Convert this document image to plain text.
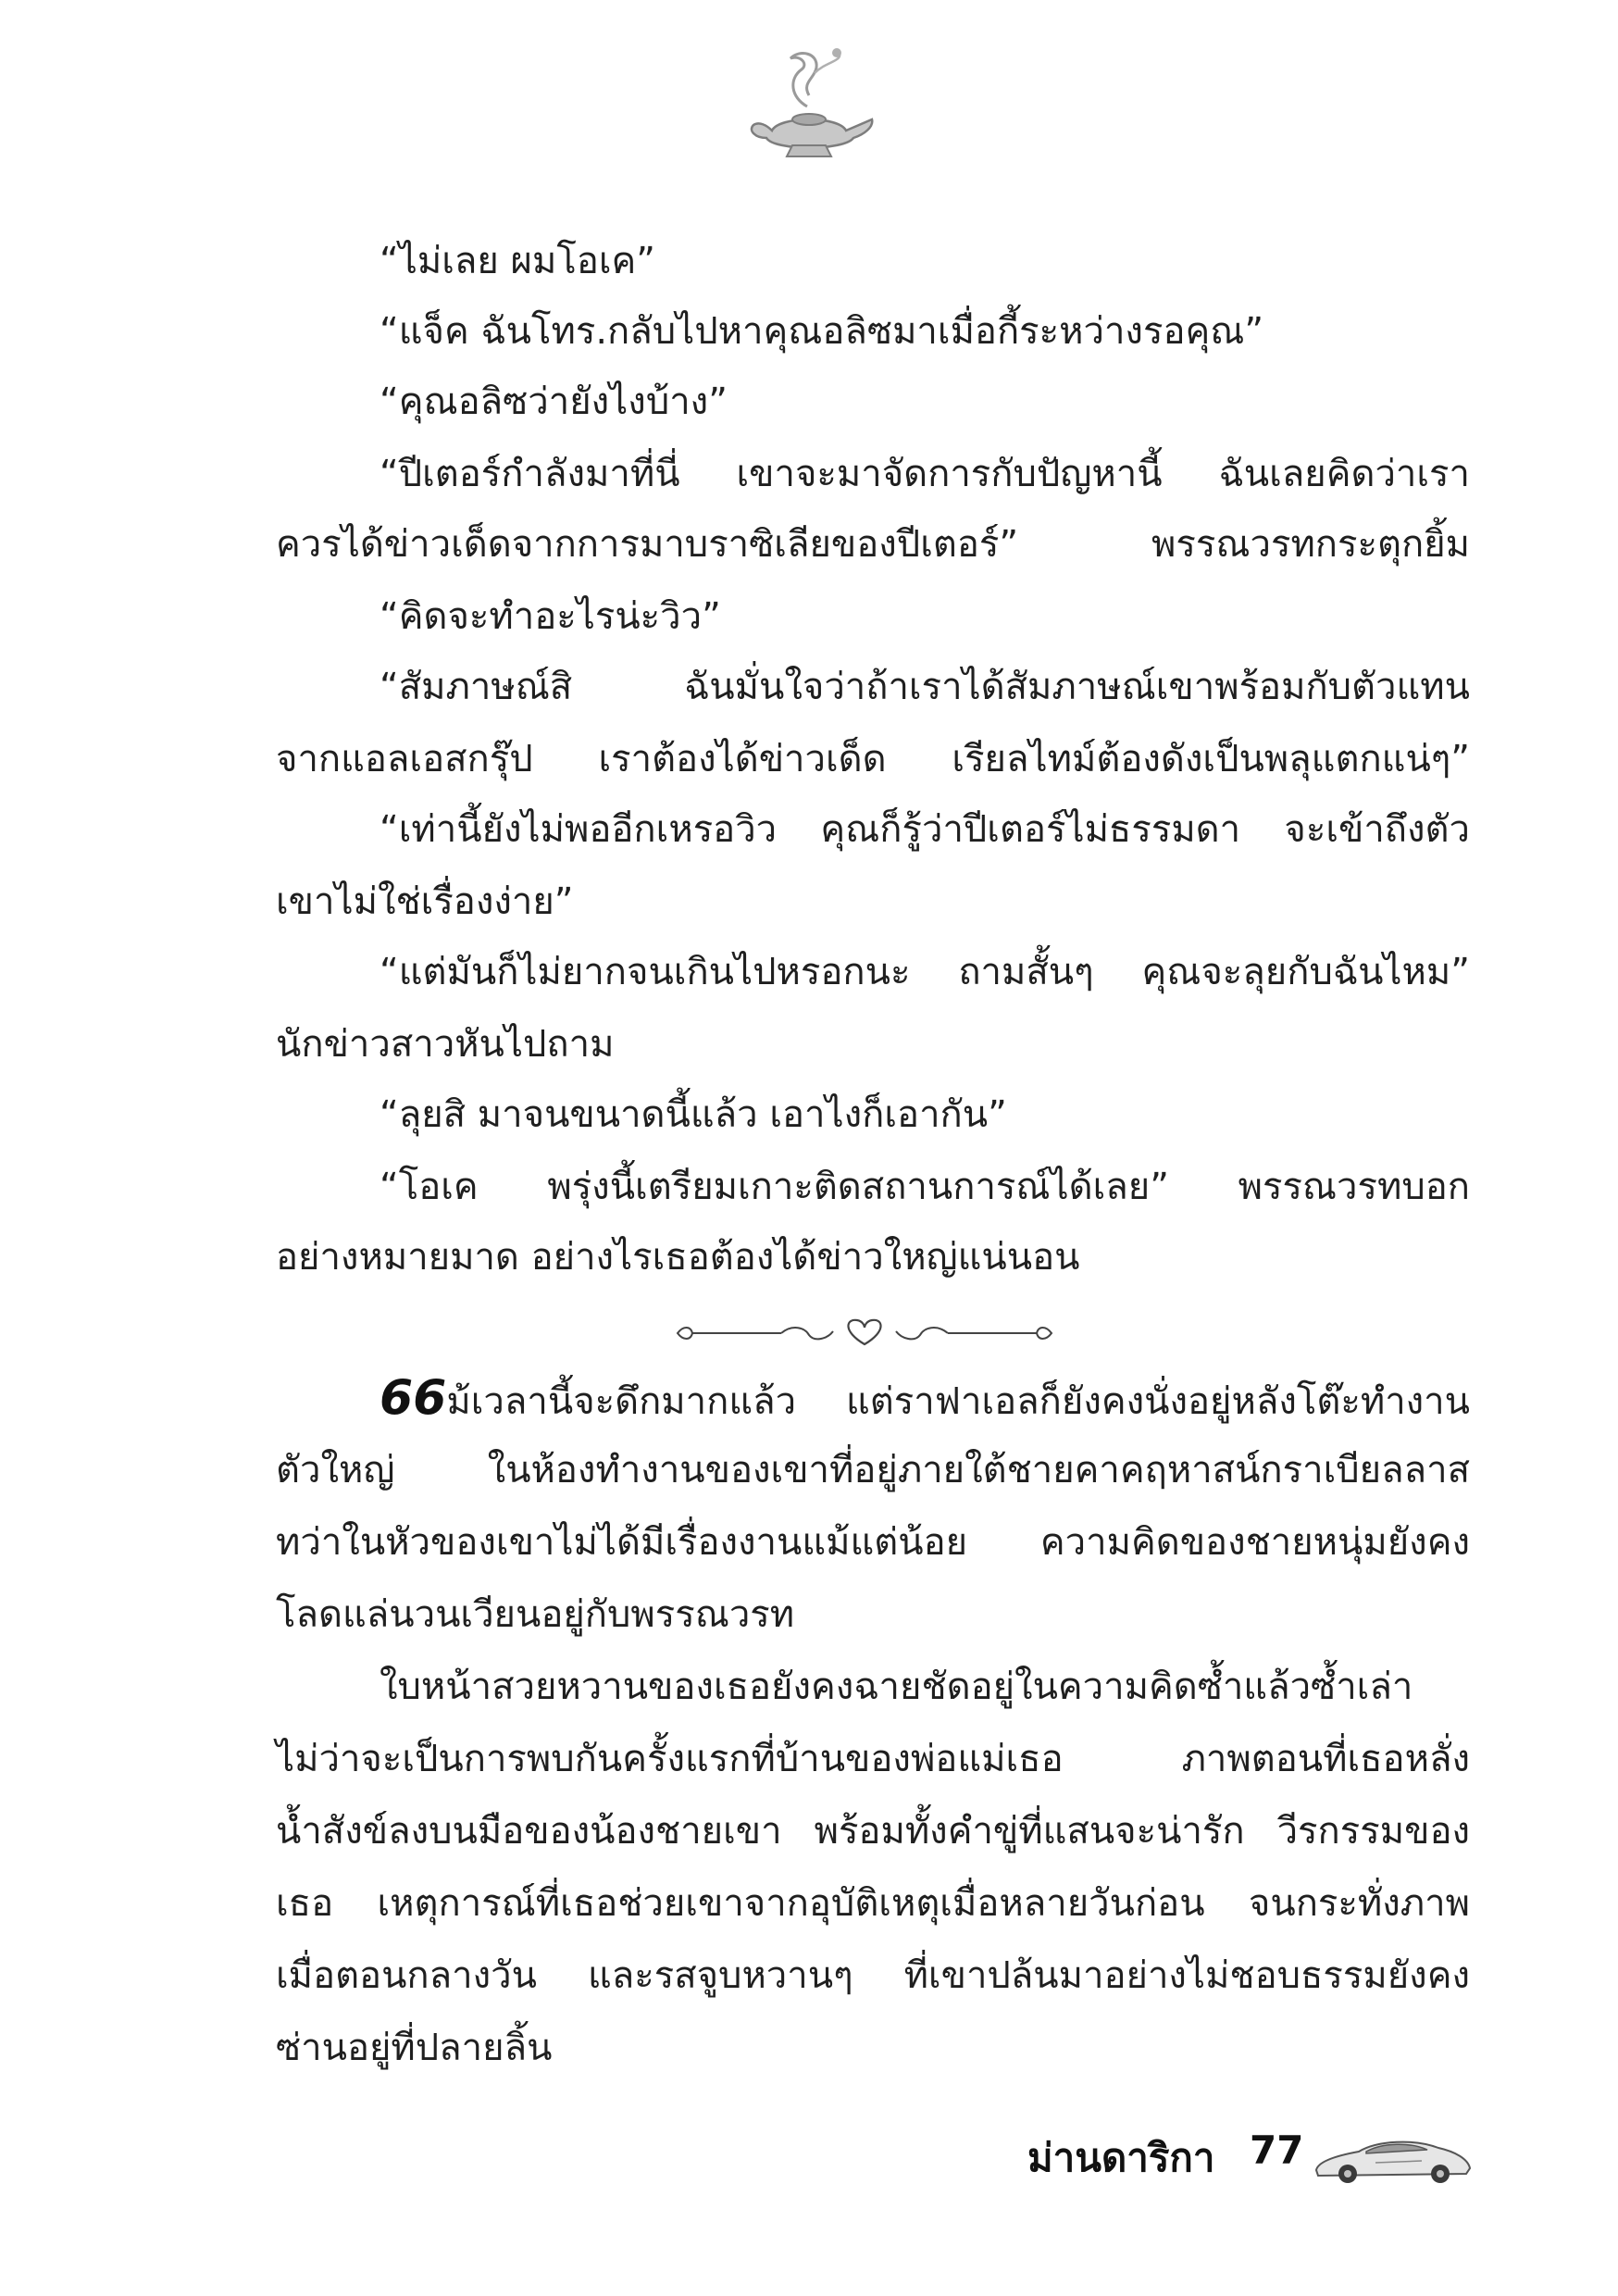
“ไม่เลย ผมโอเค”
“แจ็ค ฉันโทร.กลับไปหาคุณอลิซมาเมื่อกี้ระหว่างรอคุณ”
“คุณอลิซว่ายังไงบ้าง”
“ปีเตอร์กำลังมาที่นี่ เขาจะมาจัดการกับปัญหานี้ ฉันเลยคิดว่าเรา
ควรได้ข่าวเด็ดจากการมาบราซิเลียของปีเตอร์” พรรณวรทกระตุกยิ้ม
“คิดจะทำอะไรน่ะวิว”
“สัมภาษณ์สิ ฉันมั่นใจว่าถ้าเราได้สัมภาษณ์เขาพร้อมกับตัวแทน
จากแอลเอสกรุ๊ป เราต้องได้ข่าวเด็ด เรียลไทม์ต้องดังเป็นพลุแตกแน่ๆ”
“เท่านี้ยังไม่พออีกเหรอวิว คุณก็รู้ว่าปีเตอร์ไม่ธรรมดา จะเข้าถึงตัว
เขาไม่ใช่เรื่องง่าย”
“แต่มันก็ไม่ยากจนเกินไปหรอกนะ ถามสั้นๆ คุณจะลุยกับฉันไหม”
นักข่าวสาวหันไปถาม
“ลุยสิ มาจนขนาดนี้แล้ว เอาไงก็เอากัน”
“โอเค พรุ่งนี้เตรียมเกาะติดสถานการณ์ได้เลย” พรรณวรทบอก
อย่างหมายมาด อย่างไรเธอต้องได้ข่าวใหญ่แน่นอน
66ม้เวลานี้จะดึกมากแล้ว แต่ราฟาเอลก็ยังคงนั่งอยู่หลังโต๊ะทำงาน
ตัวใหญ่ ในห้องทำงานของเขาที่อยู่ภายใต้ชายคาคฤหาสน์กราเบียลลาส
ทว่าในหัวของเขาไม่ได้มีเรื่องงานแม้แต่น้อย ความคิดของชายหนุ่มยังคง
โลดแล่นวนเวียนอยู่กับพรรณวรท
ใบหน้าสวยหวานของเธอยังคงฉายชัดอยู่ในความคิดซ้ำแล้วซ้ำเล่า
ไม่ว่าจะเป็นการพบกันครั้งแรกที่บ้านของพ่อแม่เธอ ภาพตอนที่เธอหลั่ง
น้ำสังข์ลงบนมือของน้องชายเขา พร้อมทั้งคำขู่ที่แสนจะน่ารัก วีรกรรมของ
เธอ เหตุการณ์ที่เธอช่วยเขาจากอุบัติเหตุเมื่อหลายวันก่อน จนกระทั่งภาพ
เมื่อตอนกลางวัน และรสจูบหวานๆ ที่เขาปล้นมาอย่างไม่ชอบธรรมยังคง
ซ่านอยู่ที่ปลายลิ้น
ม่านดาริกา 77
